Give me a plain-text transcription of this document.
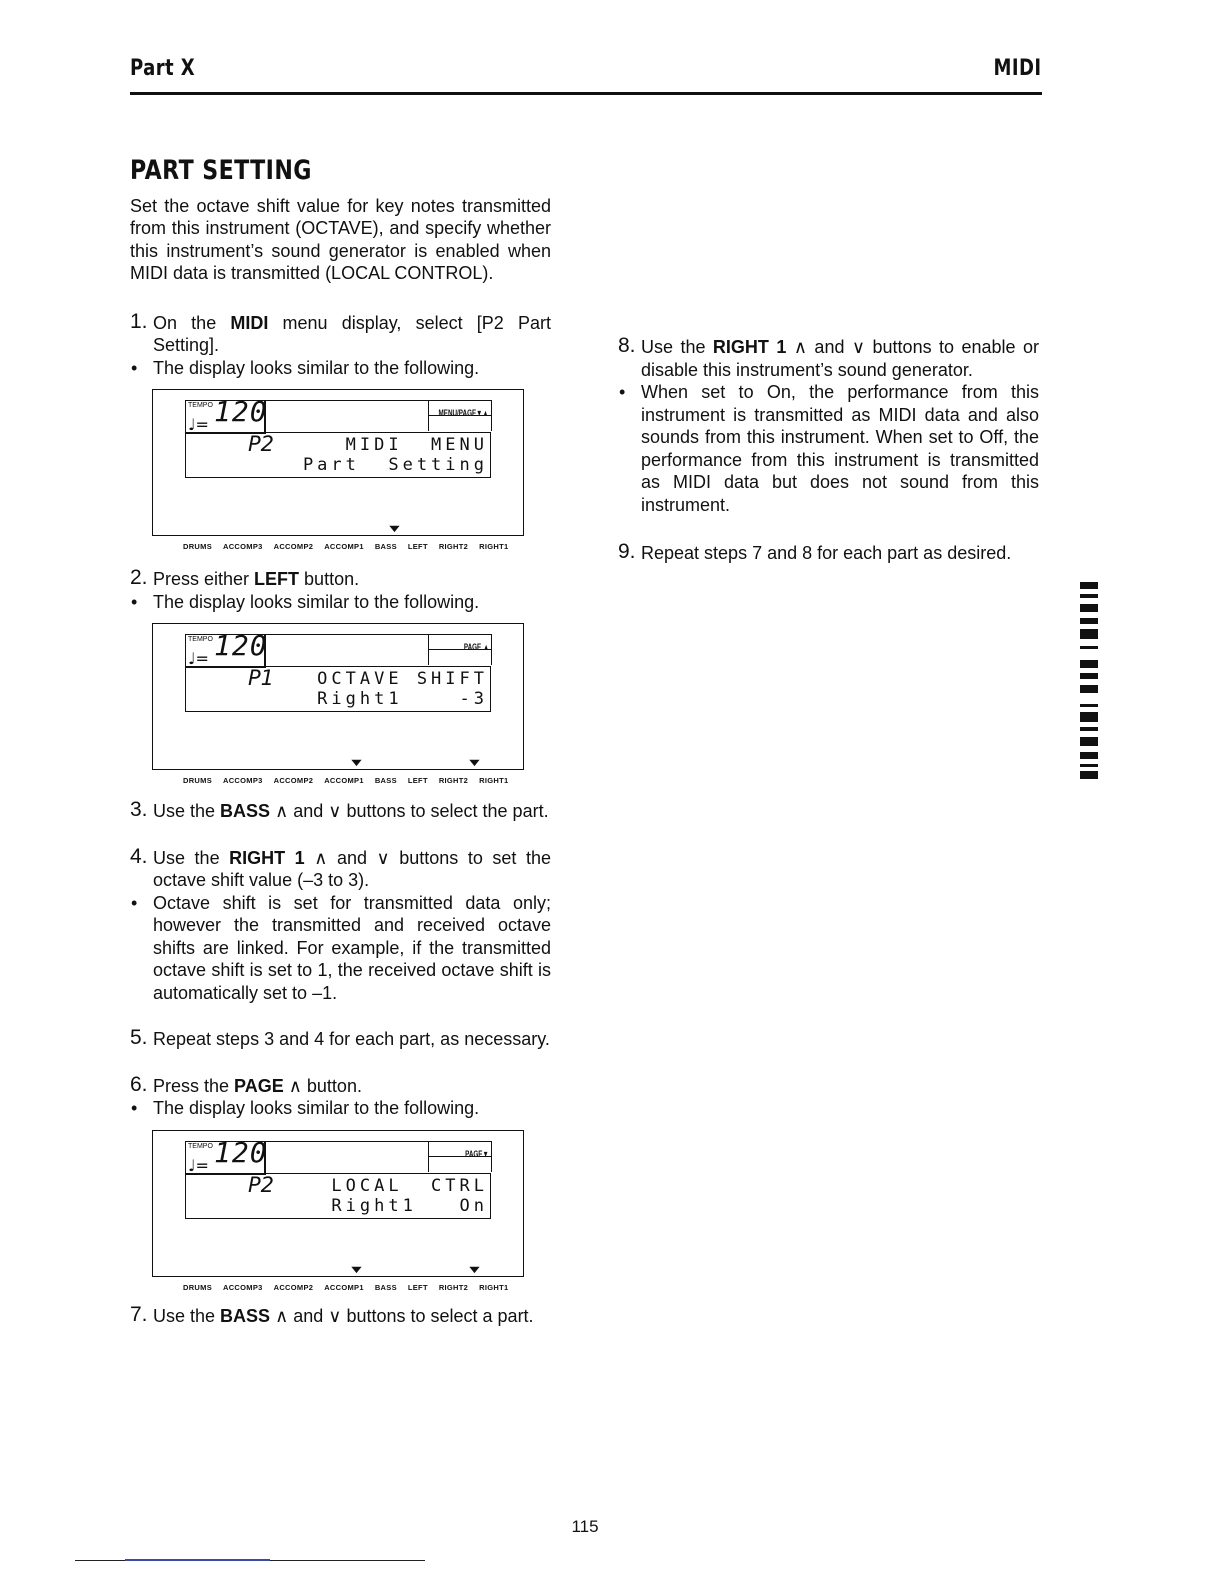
Part X	MIDI
PART SETTING
Set the octave shift value for key notes transmitted from this instrument (OCTAVE), and specify whether this instrument’s sound generator is enabled when MIDI data is transmitted (LOCAL CONTROL).
1. On the MIDI menu display, select [P2 Part Setting].
• The display looks similar to the following.
TEMPO
♩= 120	MENU/PAGE▼▲
P2	MIDI  MENU
Part  Setting
▼
DRUMS ACCOMP3 ACCOMP2 ACCOMP1 BASS LEFT RIGHT2 RIGHT1
2. Press either LEFT button.
• The display looks similar to the following.
TEMPO
♩= 120	PAGE ▲
P1	OCTAVE SHIFT
Right1    -3
▼	▼
DRUMS ACCOMP3 ACCOMP2 ACCOMP1 BASS LEFT RIGHT2 RIGHT1
3. Use the BASS ∧ and ∨ buttons to select the part.
4. Use the RIGHT 1 ∧ and ∨ buttons to set the octave shift value (–3 to 3).
• Octave shift is set for transmitted data only; however the transmitted and received octave shifts are linked. For example, if the transmitted octave shift is set to 1, the received octave shift is automatically set to –1.
5. Repeat steps 3 and 4 for each part, as necessary.
6. Press the PAGE ∧ button.
• The display looks similar to the following.
TEMPO
♩= 120	PAGE▼
P2	LOCAL  CTRL
Right1   On
▼	▼
DRUMS ACCOMP3 ACCOMP2 ACCOMP1 BASS LEFT RIGHT2 RIGHT1
7. Use the BASS ∧ and ∨ buttons to select a part.
8. Use the RIGHT 1 ∧ and ∨ buttons to enable or disable this instrument’s sound generator.
• When set to On, the performance from this instrument is transmitted as MIDI data and also sounds from this instrument. When set to Off, the performance from this instrument is transmitted as MIDI data but does not sound from this instrument.
9. Repeat steps 7 and 8 for each part as desired.
115
